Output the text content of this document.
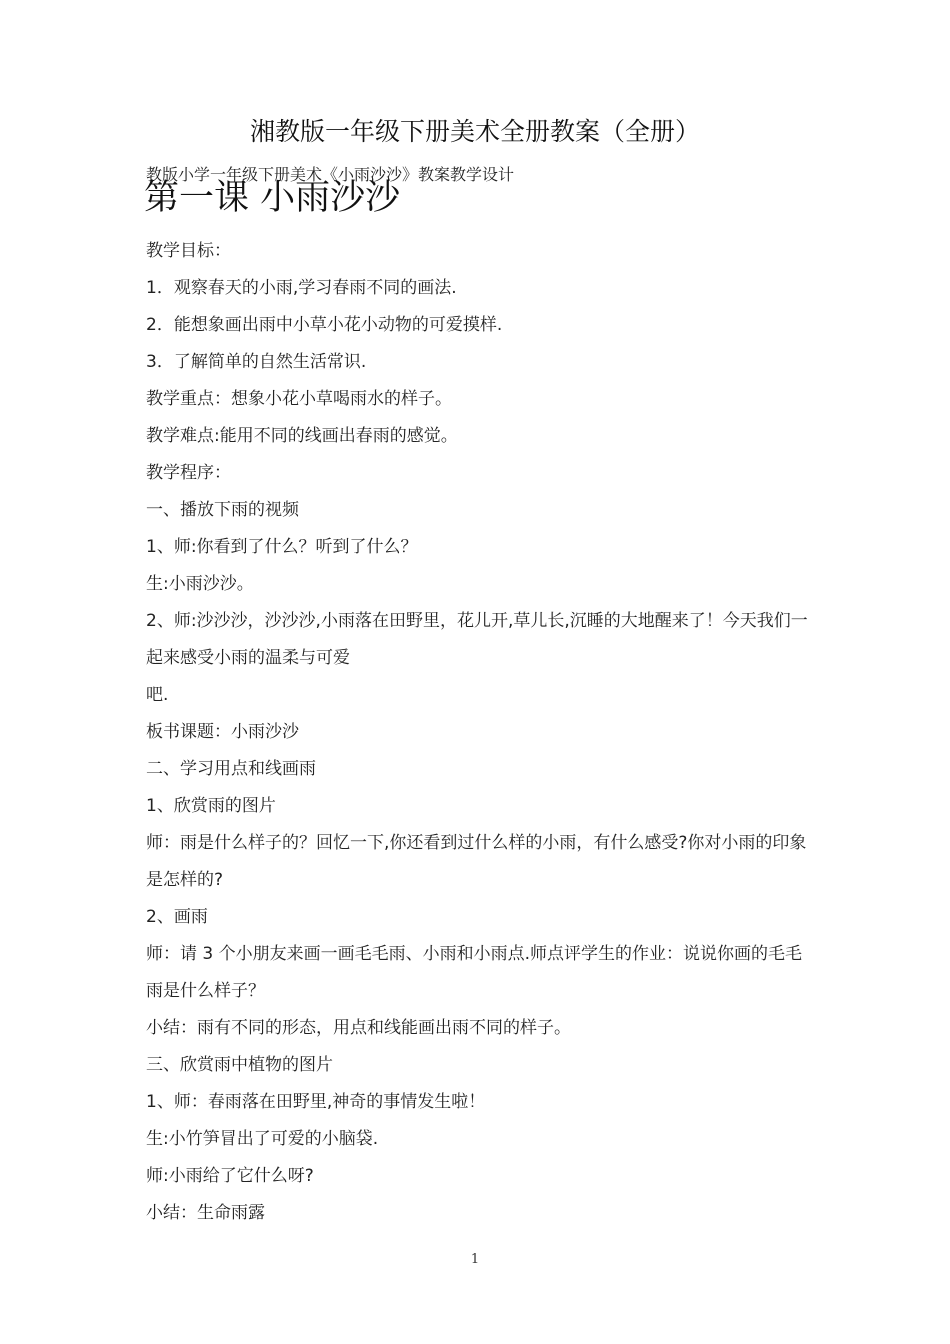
湘教版一年级下册美术全册教案（全册）
教版小学一年级下册美术《小雨沙沙》教案教学设计
第一课 小雨沙沙

教学目标：

1．观察春天的小雨,学习春雨不同的画法.

2．能想象画出雨中小草小花小动物的可爱摸样.

3．了解简单的自然生活常识.

教学重点：想象小花小草喝雨水的样子。

教学难点:能用不同的线画出春雨的感觉。

教学程序：

一、播放下雨的视频

1、师:你看到了什么？听到了什么？

生:小雨沙沙。

2、师:沙沙沙，沙沙沙,小雨落在田野里，花儿开,草儿长,沉睡的大地醒来了！今天我们一起来感受小雨的温柔与可爱

吧.

板书课题：小雨沙沙

二、学习用点和线画雨

1、欣赏雨的图片

师：雨是什么样子的？回忆一下,你还看到过什么样的小雨，有什么感受?你对小雨的印象是怎样的?

2、画雨

师：请 3 个小朋友来画一画毛毛雨、小雨和小雨点.师点评学生的作业：说说你画的毛毛雨是什么样子？

小结：雨有不同的形态，用点和线能画出雨不同的样子。

三、欣赏雨中植物的图片

1、师：春雨落在田野里,神奇的事情发生啦！

生:小竹笋冒出了可爱的小脑袋.

师:小雨给了它什么呀?

小结：生命雨露

1
